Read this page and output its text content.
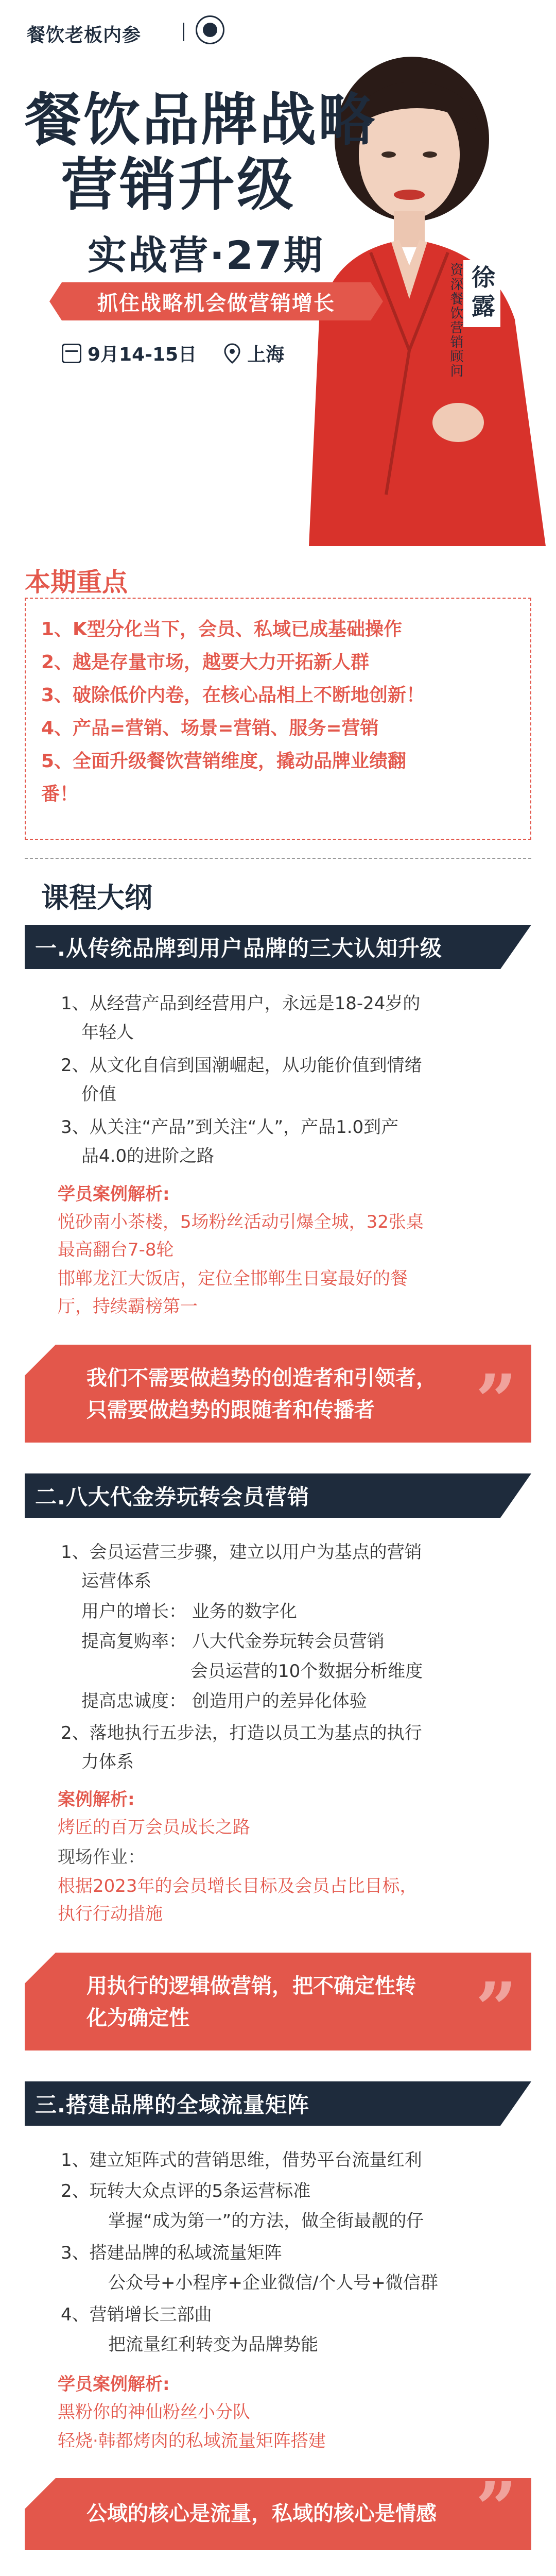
餐饮老板内参
餐饮品牌战略
营销升级
实战营·27期
抓住战略机会做营销增长
9月14-15日	上海	资深餐饮营销顾问 徐露
本期重点
1、K型分化当下，会员、私域已成基础操作
2、越是存量市场，越要大力开拓新人群
3、破除低价内卷，在核心品相上不断地创新！
4、产品=营销、场景=营销、服务=营销
5、全面升级餐饮营销维度，撬动品牌业绩翻
番！
课程大纲
一.从传统品牌到用户品牌的三大认知升级
1、从经营产品到经营用户，永远是18-24岁的
年轻人
2、从文化自信到国潮崛起，从功能价值到情绪
价值
3、从关注“产品”到关注“人”，产品1.0到产
品4.0的进阶之路
学员案例解析:
悦砂南小茶楼，5场粉丝活动引爆全城，32张桌
最高翻台7-8轮
邯郸龙江大饭店，定位全邯郸生日宴最好的餐
厅，持续霸榜第一
我们不需要做趋势的创造者和引领者，
只需要做趋势的跟随者和传播者	”
二.八大代金券玩转会员营销
1、会员运营三步骤，建立以用户为基点的营销
运营体系
用户的增长： 业务的数字化
提高复购率： 八大代金券玩转会员营销
会员运营的10个数据分析维度
提高忠诚度： 创造用户的差异化体验
2、落地执行五步法，打造以员工为基点的执行
力体系
案例解析:
烤匠的百万会员成长之路
现场作业：
根据2023年的会员增长目标及会员占比目标，
执行行动措施
用执行的逻辑做营销，把不确定性转
化为确定性	”
三.搭建品牌的全域流量矩阵
1、建立矩阵式的营销思维，借势平台流量红利
2、玩转大众点评的5条运营标准
掌握“成为第一”的方法，做全街最靓的仔
3、搭建品牌的私域流量矩阵
公众号+小程序+企业微信/个人号+微信群
4、营销增长三部曲
把流量红利转变为品牌势能
学员案例解析:
黑粉你的神仙粉丝小分队
轻烧·韩都烤肉的私域流量矩阵搭建
公域的核心是流量，私域的核心是情感 ”
